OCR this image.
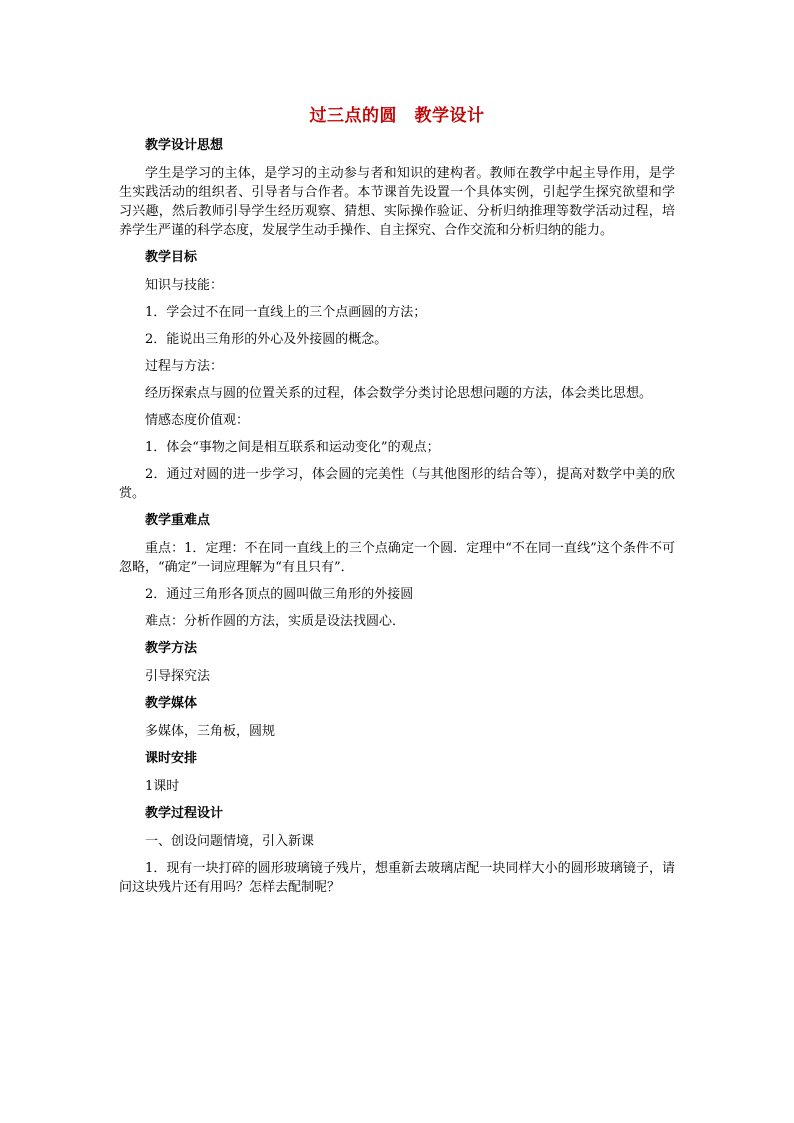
过三点的圆　教学设计
教学设计思想
学生是学习的主体，是学习的主动参与者和知识的建构者。教师在教学中起主导作用，是学生实践活动的组织者、引导者与合作者。本节课首先设置一个具体实例，引起学生探究欲望和学习兴趣，然后教师引导学生经历观察、猜想、实际操作验证、分析归纳推理等数学活动过程，培养学生严谨的科学态度，发展学生动手操作、自主探究、合作交流和分析归纳的能力。
教学目标
知识与技能：
1．学会过不在同一直线上的三个点画圆的方法；
2．能说出三角形的外心及外接圆的概念。
过程与方法：
经历探索点与圆的位置关系的过程，体会数学分类讨论思想问题的方法，体会类比思想。
情感态度价值观：
1．体会“事物之间是相互联系和运动变化”的观点；
2．通过对圆的进一步学习，体会圆的完美性（与其他图形的结合等），提高对数学中美的欣赏。
教学重难点
重点：1．定理：不在同一直线上的三个点确定一个圆．定理中“不在同一直线”这个条件不可忽略，“确定”一词应理解为“有且只有”．
2．通过三角形各顶点的圆叫做三角形的外接圆
难点：分析作圆的方法，实质是设法找圆心．
教学方法
引导探究法
教学媒体
多媒体，三角板，圆规
课时安排
1课时
教学过程设计
一、创设问题情境，引入新课
1．现有一块打碎的圆形玻璃镜子残片，想重新去玻璃店配一块同样大小的圆形玻璃镜子，请问这块残片还有用吗？怎样去配制呢？
